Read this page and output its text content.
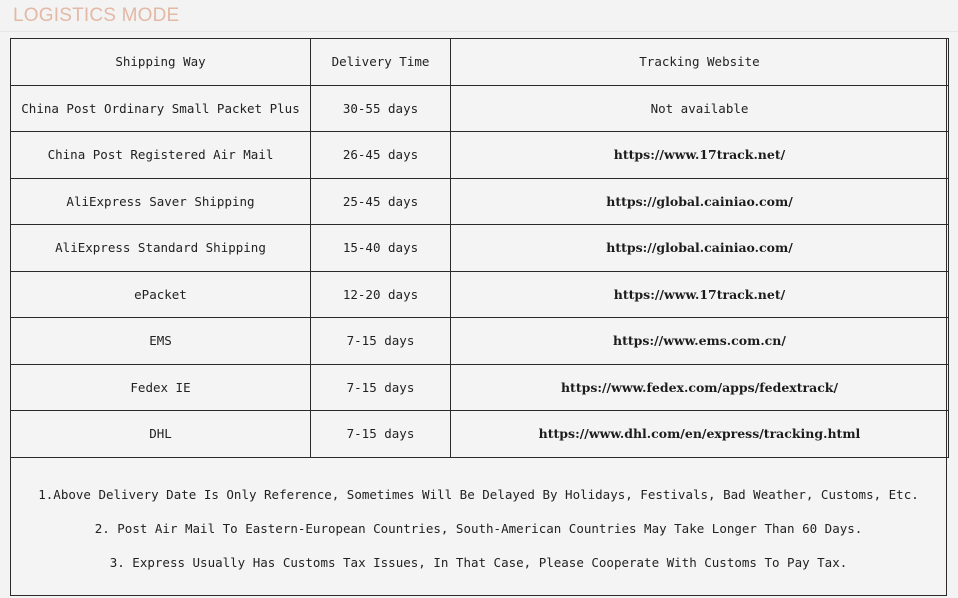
LOGISTICS MODE
Shipping Way	Delivery Time	Tracking Website
China Post Ordinary Small Packet Plus	30-55 days	Not available
China Post Registered Air Mail	26-45 days	https://www.17track.net/
AliExpress Saver Shipping	25-45 days	https://global.cainiao.com/
AliExpress Standard Shipping	15-40 days	https://global.cainiao.com/
ePacket	12-20 days	https://www.17track.net/
EMS	7-15 days	https://www.ems.com.cn/
Fedex IE	7-15 days	https://www.fedex.com/apps/fedextrack/
DHL	7-15 days	https://www.dhl.com/en/express/tracking.html
1.Above Delivery Date Is Only Reference, Sometimes Will Be Delayed By Holidays, Festivals, Bad Weather, Customs, Etc.
2. Post Air Mail To Eastern-European Countries, South-American Countries May Take Longer Than 60 Days.
3. Express Usually Has Customs Tax Issues, In That Case, Please Cooperate With Customs To Pay Tax.
